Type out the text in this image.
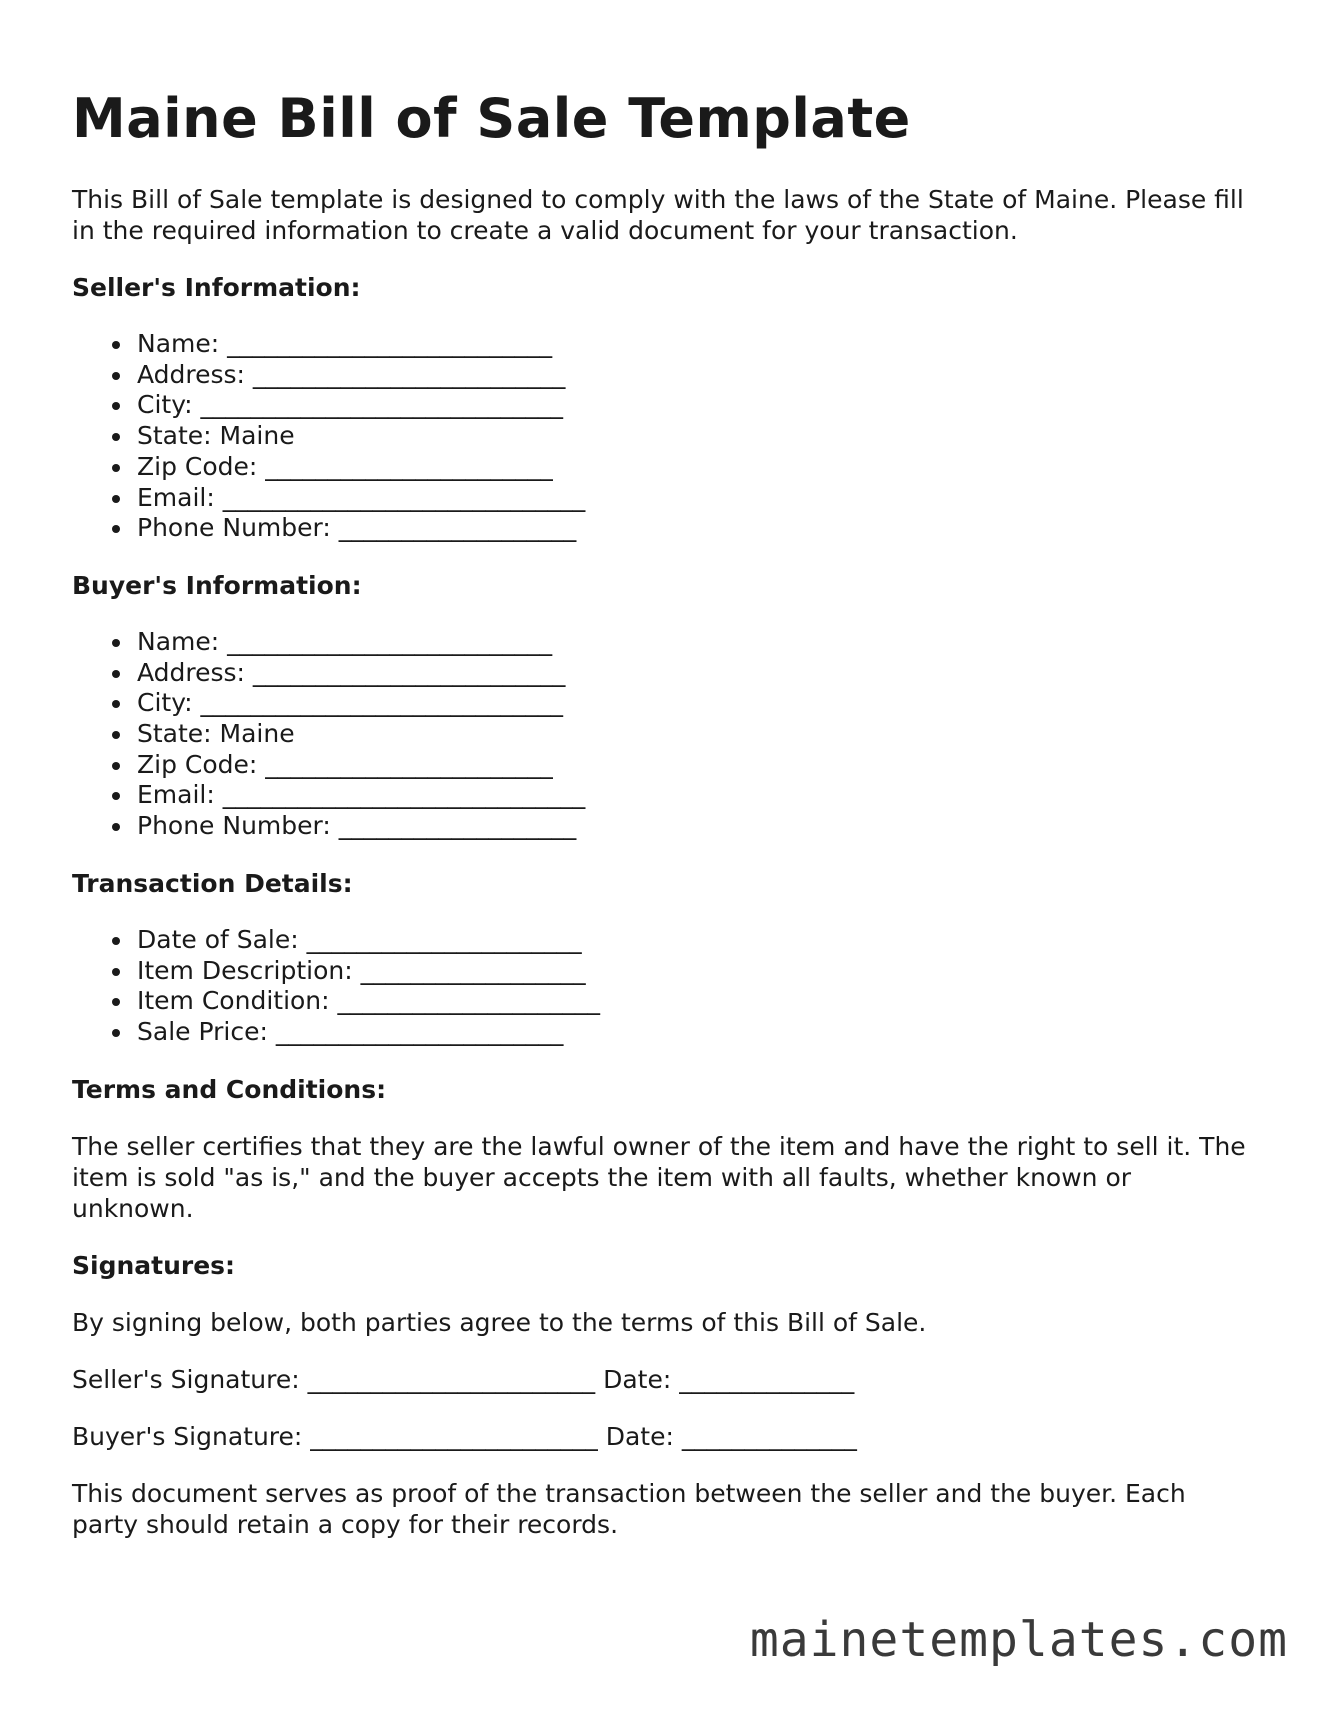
Maine Bill of Sale Template

This Bill of Sale template is designed to comply with the laws of the State of Maine. Please fill in the required information to create a valid document for your transaction.

Seller's Information:
Name: __________________________
Address: _________________________
City: _____________________________
State: Maine
Zip Code: _______________________
Email: _____________________________
Phone Number: ___________________
Buyer's Information:
Name: __________________________
Address: _________________________
City: _____________________________
State: Maine
Zip Code: _______________________
Email: _____________________________
Phone Number: ___________________
Transaction Details:
Date of Sale: ______________________
Item Description: __________________
Item Condition: _____________________
Sale Price: _______________________
Terms and Conditions:

The seller certifies that they are the lawful owner of the item and have the right to sell it. The item is sold "as is," and the buyer accepts the item with all faults, whether known or unknown.

Signatures:

By signing below, both parties agree to the terms of this Bill of Sale.

Seller's Signature: _______________________ Date: ______________

Buyer's Signature: _______________________ Date: ______________

This document serves as proof of the transaction between the seller and the buyer. Each party should retain a copy for their records.

mainetemplates.com
